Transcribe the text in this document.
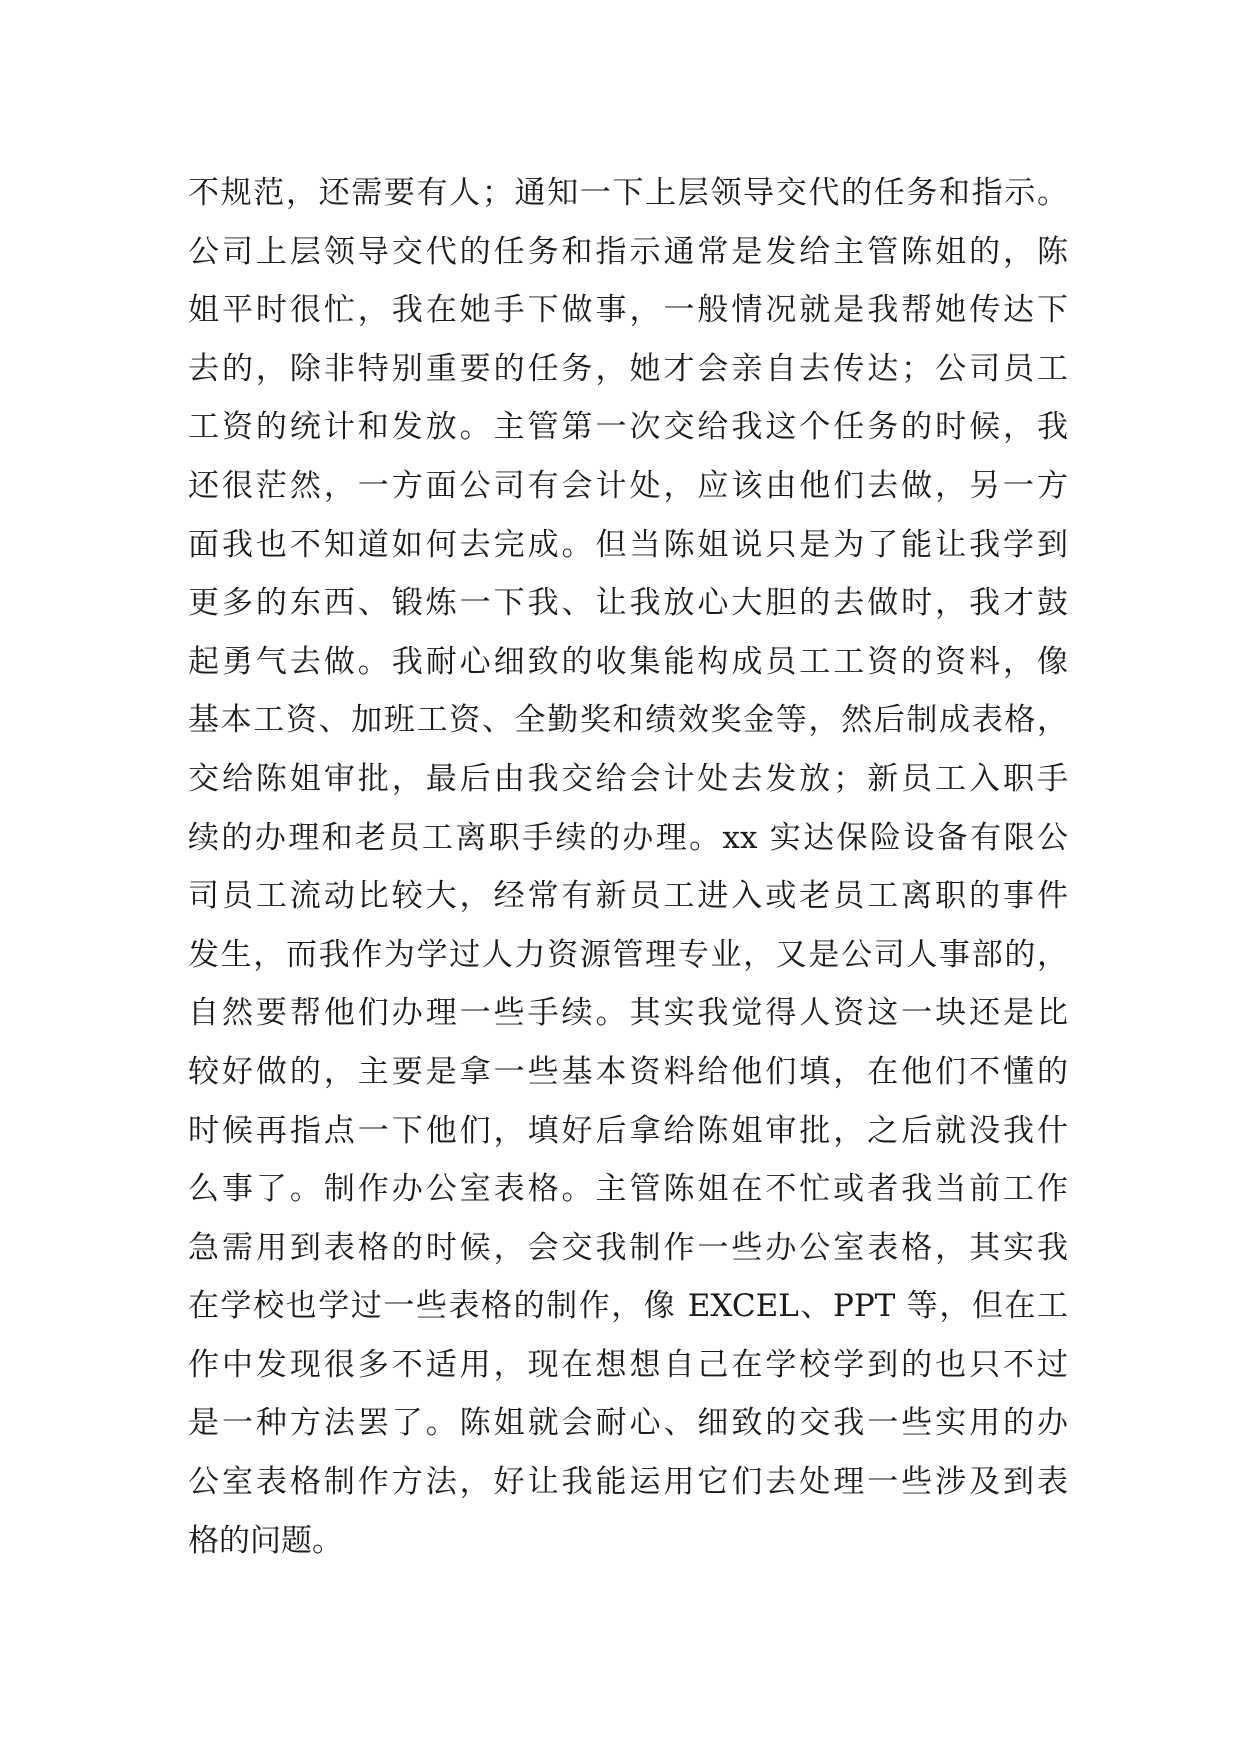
不规范，还需要有人；通知一下上层领导交代的任务和指示。
公司上层领导交代的任务和指示通常是发给主管陈姐的，陈
姐平时很忙，我在她手下做事，一般情况就是我帮她传达下
去的，除非特别重要的任务，她才会亲自去传达；公司员工
工资的统计和发放。主管第一次交给我这个任务的时候，我
还很茫然，一方面公司有会计处，应该由他们去做，另一方
面我也不知道如何去完成。但当陈姐说只是为了能让我学到
更多的东西、锻炼一下我、让我放心大胆的去做时，我才鼓
起勇气去做。我耐心细致的收集能构成员工工资的资料，像
基本工资、加班工资、全勤奖和绩效奖金等，然后制成表格，
交给陈姐审批，最后由我交给会计处去发放；新员工入职手
续的办理和老员工离职手续的办理。xx 实达保险设备有限公
司员工流动比较大，经常有新员工进入或老员工离职的事件
发生，而我作为学过人力资源管理专业，又是公司人事部的，
自然要帮他们办理一些手续。其实我觉得人资这一块还是比
较好做的，主要是拿一些基本资料给他们填，在他们不懂的
时候再指点一下他们，填好后拿给陈姐审批，之后就没我什
么事了。制作办公室表格。主管陈姐在不忙或者我当前工作
急需用到表格的时候，会交我制作一些办公室表格，其实我
在学校也学过一些表格的制作，像 EXCEL、PPT 等，但在工
作中发现很多不适用，现在想想自己在学校学到的也只不过
是一种方法罢了。陈姐就会耐心、细致的交我一些实用的办
公室表格制作方法，好让我能运用它们去处理一些涉及到表
格的问题。
